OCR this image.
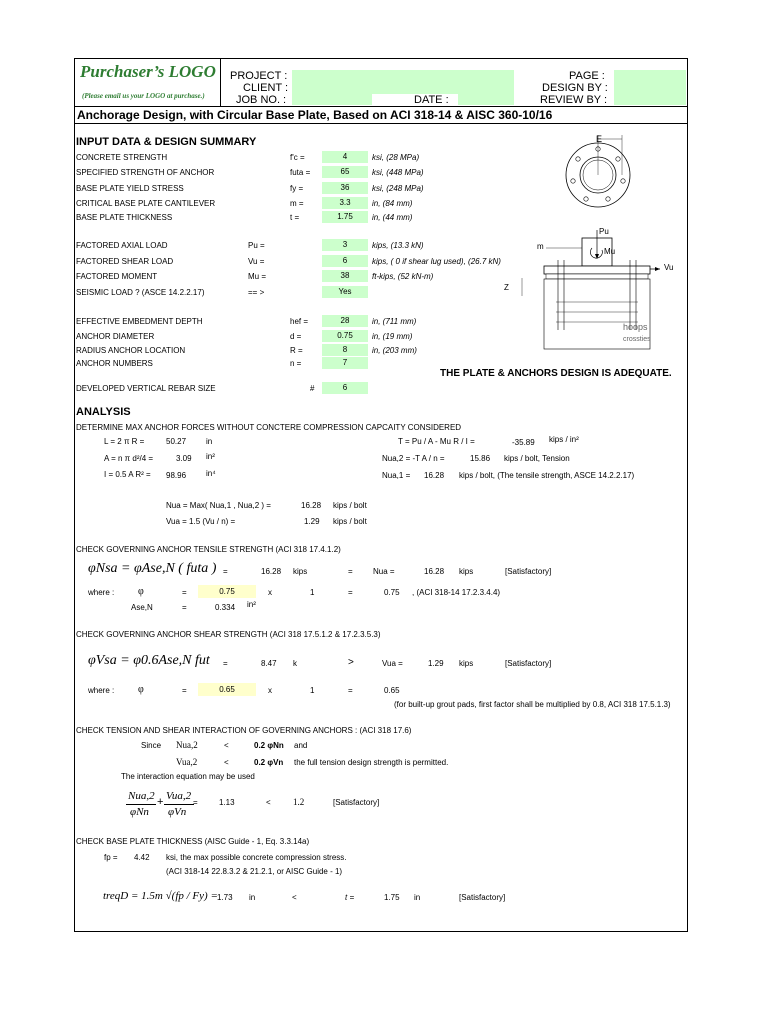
Purchaser’s LOGO
(Please email us your LOGO at purchase.)
PROJECT :
CLIENT :
JOB NO. :	DATE :
PAGE :
DESIGN BY :
REVIEW BY :
Anchorage Design, with Circular Base Plate, Based on ACI 318-14 & AISC 360-10/16
INPUT DATA & DESIGN SUMMARY
CONCRETE STRENGTH	f'c =	4	ksi, (28 MPa)
SPECIFIED STRENGTH OF ANCHOR	futa =	65	ksi, (448 MPa)
BASE PLATE YIELD STRESS	fy =	36	ksi, (248 MPa)
CRITICAL BASE PLATE CANTILEVER	m =	3.3	in, (84 mm)
BASE PLATE THICKNESS	t =	1.75	in, (44 mm)
FACTORED AXIAL LOAD	Pu =	3	kips, (13.3 kN)
FACTORED SHEAR LOAD	Vu =	6	kips, ( 0 if shear lug used), (26.7 kN)
FACTORED MOMENT	Mu =	38	ft-kips, (52 kN-m)
SEISMIC LOAD ? (ASCE 14.2.2.17)	== >	Yes
EFFECTIVE EMBEDMENT DEPTH	hef =	28	in, (711 mm)
ANCHOR DIAMETER	d =	0.75	in, (19 mm)
RADIUS ANCHOR LOCATION	R =	8	in, (203 mm)
ANCHOR NUMBERS	n =	7
DEVELOPED VERTICAL REBAR SIZE	#	6
THE PLATE & ANCHORS DESIGN IS ADEQUATE.
E
Pu
Mu
Vu
m
Z
hoops
crossties
ANALYSIS
DETERMINE MAX ANCHOR FORCES WITHOUT CONCTERE COMPRESSION CAPCAITY CONSIDERED
L = 2 π R =	50.27 in
A = n π d²/4 =	3.09 in²
I = 0.5 A R² = 98.96 in⁴
T = Pu / A - Mu R / I =	-35.89 kips / in²
Nua,2 = -T A / n =	15.86 kips / bolt, Tension
Nua,1 = 16.28 kips / bolt, (The tensile strength, ASCE 14.2.2.17)
Nua = Max( Nua,1 , Nua,2 ) =	16.28 kips / bolt
Vua = 1.5 (Vu / n) =	1.29 kips / bolt
CHECK GOVERNING ANCHOR TENSILE STRENGTH (ACI 318 17.4.1.2)
φNsa = φAse,N ( futa ) =	16.28 kips	=	Nua =	16.28 kips	[Satisfactory]
where : φ	=	0.75	x	1	=	0.75 , (ACI 318-14 17.2.3.4.4)
Ase,N	=	0.334 in²
CHECK GOVERNING ANCHOR SHEAR STRENGTH (ACI 318 17.5.1.2 & 17.2.3.5.3)
φVsa = φ0.6Ase,N fut =	8.47 k	>	Vua =	1.29 kips	[Satisfactory]
where : φ	=	0.65	x	1	=	0.65
(for built-up grout pads, first factor shall be multiplied by 0.8, ACI 318 17.5.1.3)
CHECK TENSION AND SHEAR INTERACTION OF GOVERNING ANCHORS : (ACI 318 17.6)
Since Nua,2	<	0.2 φNn and
Vua,2	<	0.2 φVn the full tension design strength is permitted.
The interaction equation may be used
Nua,2
φNn
+ Vua,2
φVn
=	1.13	< 1.2	[Satisfactory]
CHECK BASE PLATE THICKNESS (AISC Guide - 1, Eq. 3.3.14a)
fp = 4.42 ksi, the max possible concrete compression stress.
(ACI 318-14 22.8.3.2 & 21.2.1, or AISC Guide - 1)
treqD = 1.5m √(fp / Fy) = 1.73 in	<	t =	1.75 in	[Satisfactory]
